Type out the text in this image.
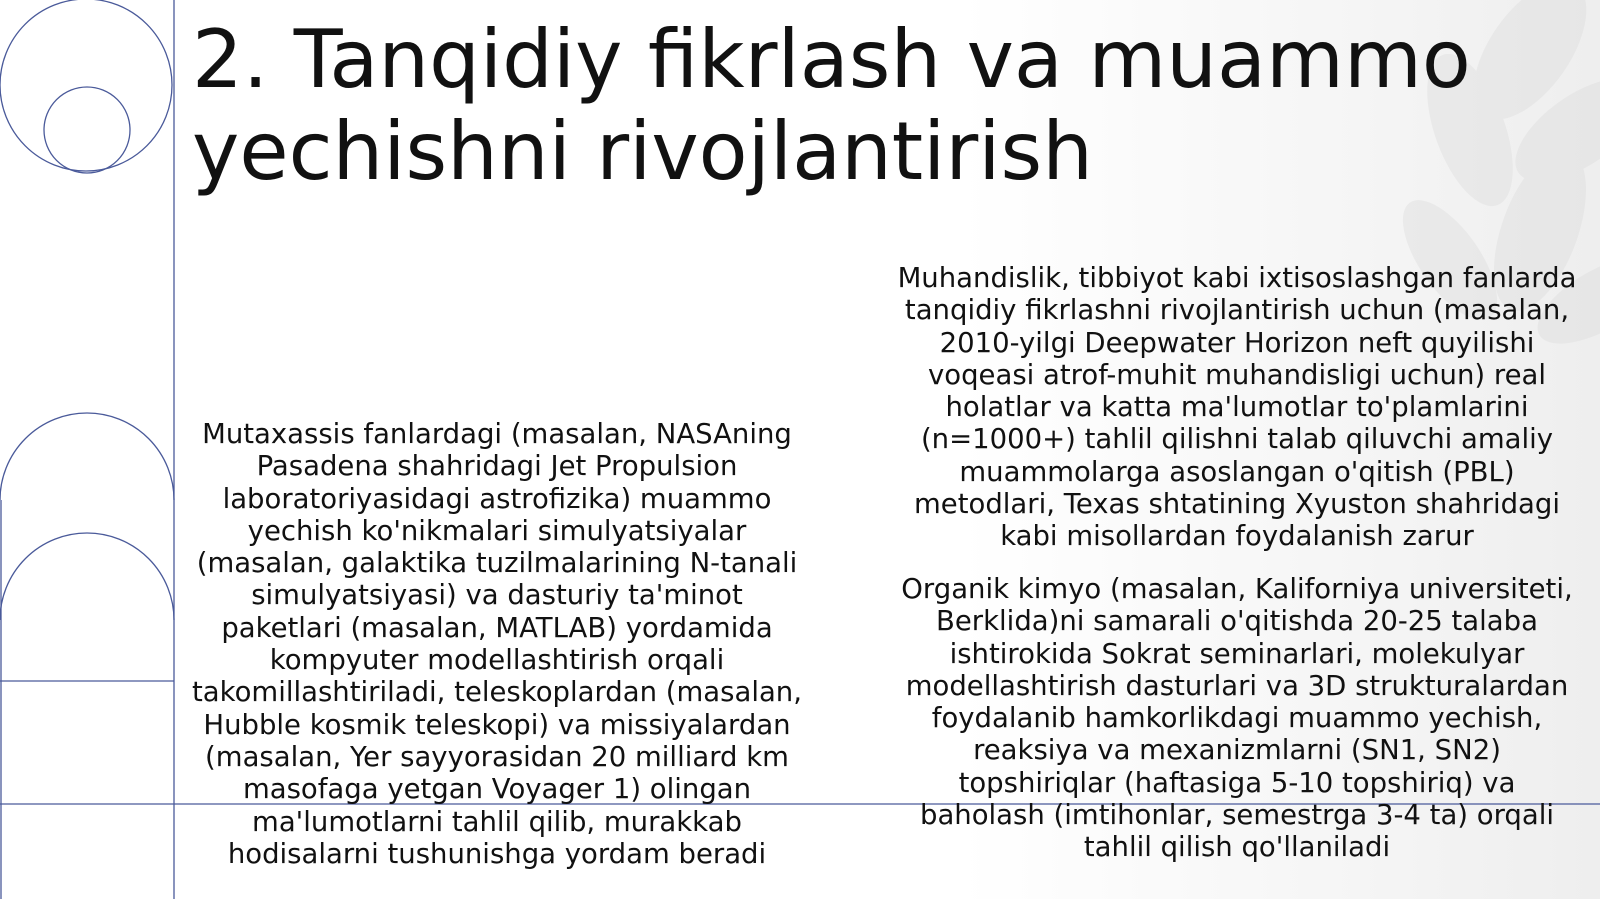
2. Tanqidiy fikrlash va muammo yechishni rivojlantirish

Mutaxassis fanlardagi (masalan, NASAning Pasadena shahridagi Jet Propulsion laboratoriyasidagi astrofizika) muammo yechish ko'nikmalari simulyatsiyalar (masalan, galaktika tuzilmalarining N-tanali simulyatsiyasi) va dasturiy ta'minot paketlari (masalan, MATLAB) yordamida kompyuter modellashtirish orqali takomillashtiriladi, teleskoplardan (masalan, Hubble kosmik teleskopi) va missiyalardan (masalan, Yer sayyorasidan 20 milliard km masofaga yetgan Voyager 1) olingan ma'lumotlarni tahlil qilib, murakkab hodisalarni tushunishga yordam beradi

Muhandislik, tibbiyot kabi ixtisoslashgan fanlarda tanqidiy fikrlashni rivojlantirish uchun (masalan, 2010-yilgi Deepwater Horizon neft quyilishi voqeasi atrof-muhit muhandisligi uchun) real holatlar va katta ma'lumotlar to'plamlarini (n=1000+) tahlil qilishni talab qiluvchi amaliy muammolarga asoslangan o'qitish (PBL) metodlari, Texas shtatining Xyuston shahridagi kabi misollardan foydalanish zarur

Organik kimyo (masalan, Kaliforniya universiteti, Berklida)ni samarali o'qitishda 20-25 talaba ishtirokida Sokrat seminarlari, molekulyar modellashtirish dasturlari va 3D strukturalardan foydalanib hamkorlikdagi muammo yechish, reaksiya va mexanizmlarni (SN1, SN2) topshiriqlar (haftasiga 5-10 topshiriq) va baholash (imtihonlar, semestrga 3-4 ta) orqali tahlil qilish qo'llaniladi
